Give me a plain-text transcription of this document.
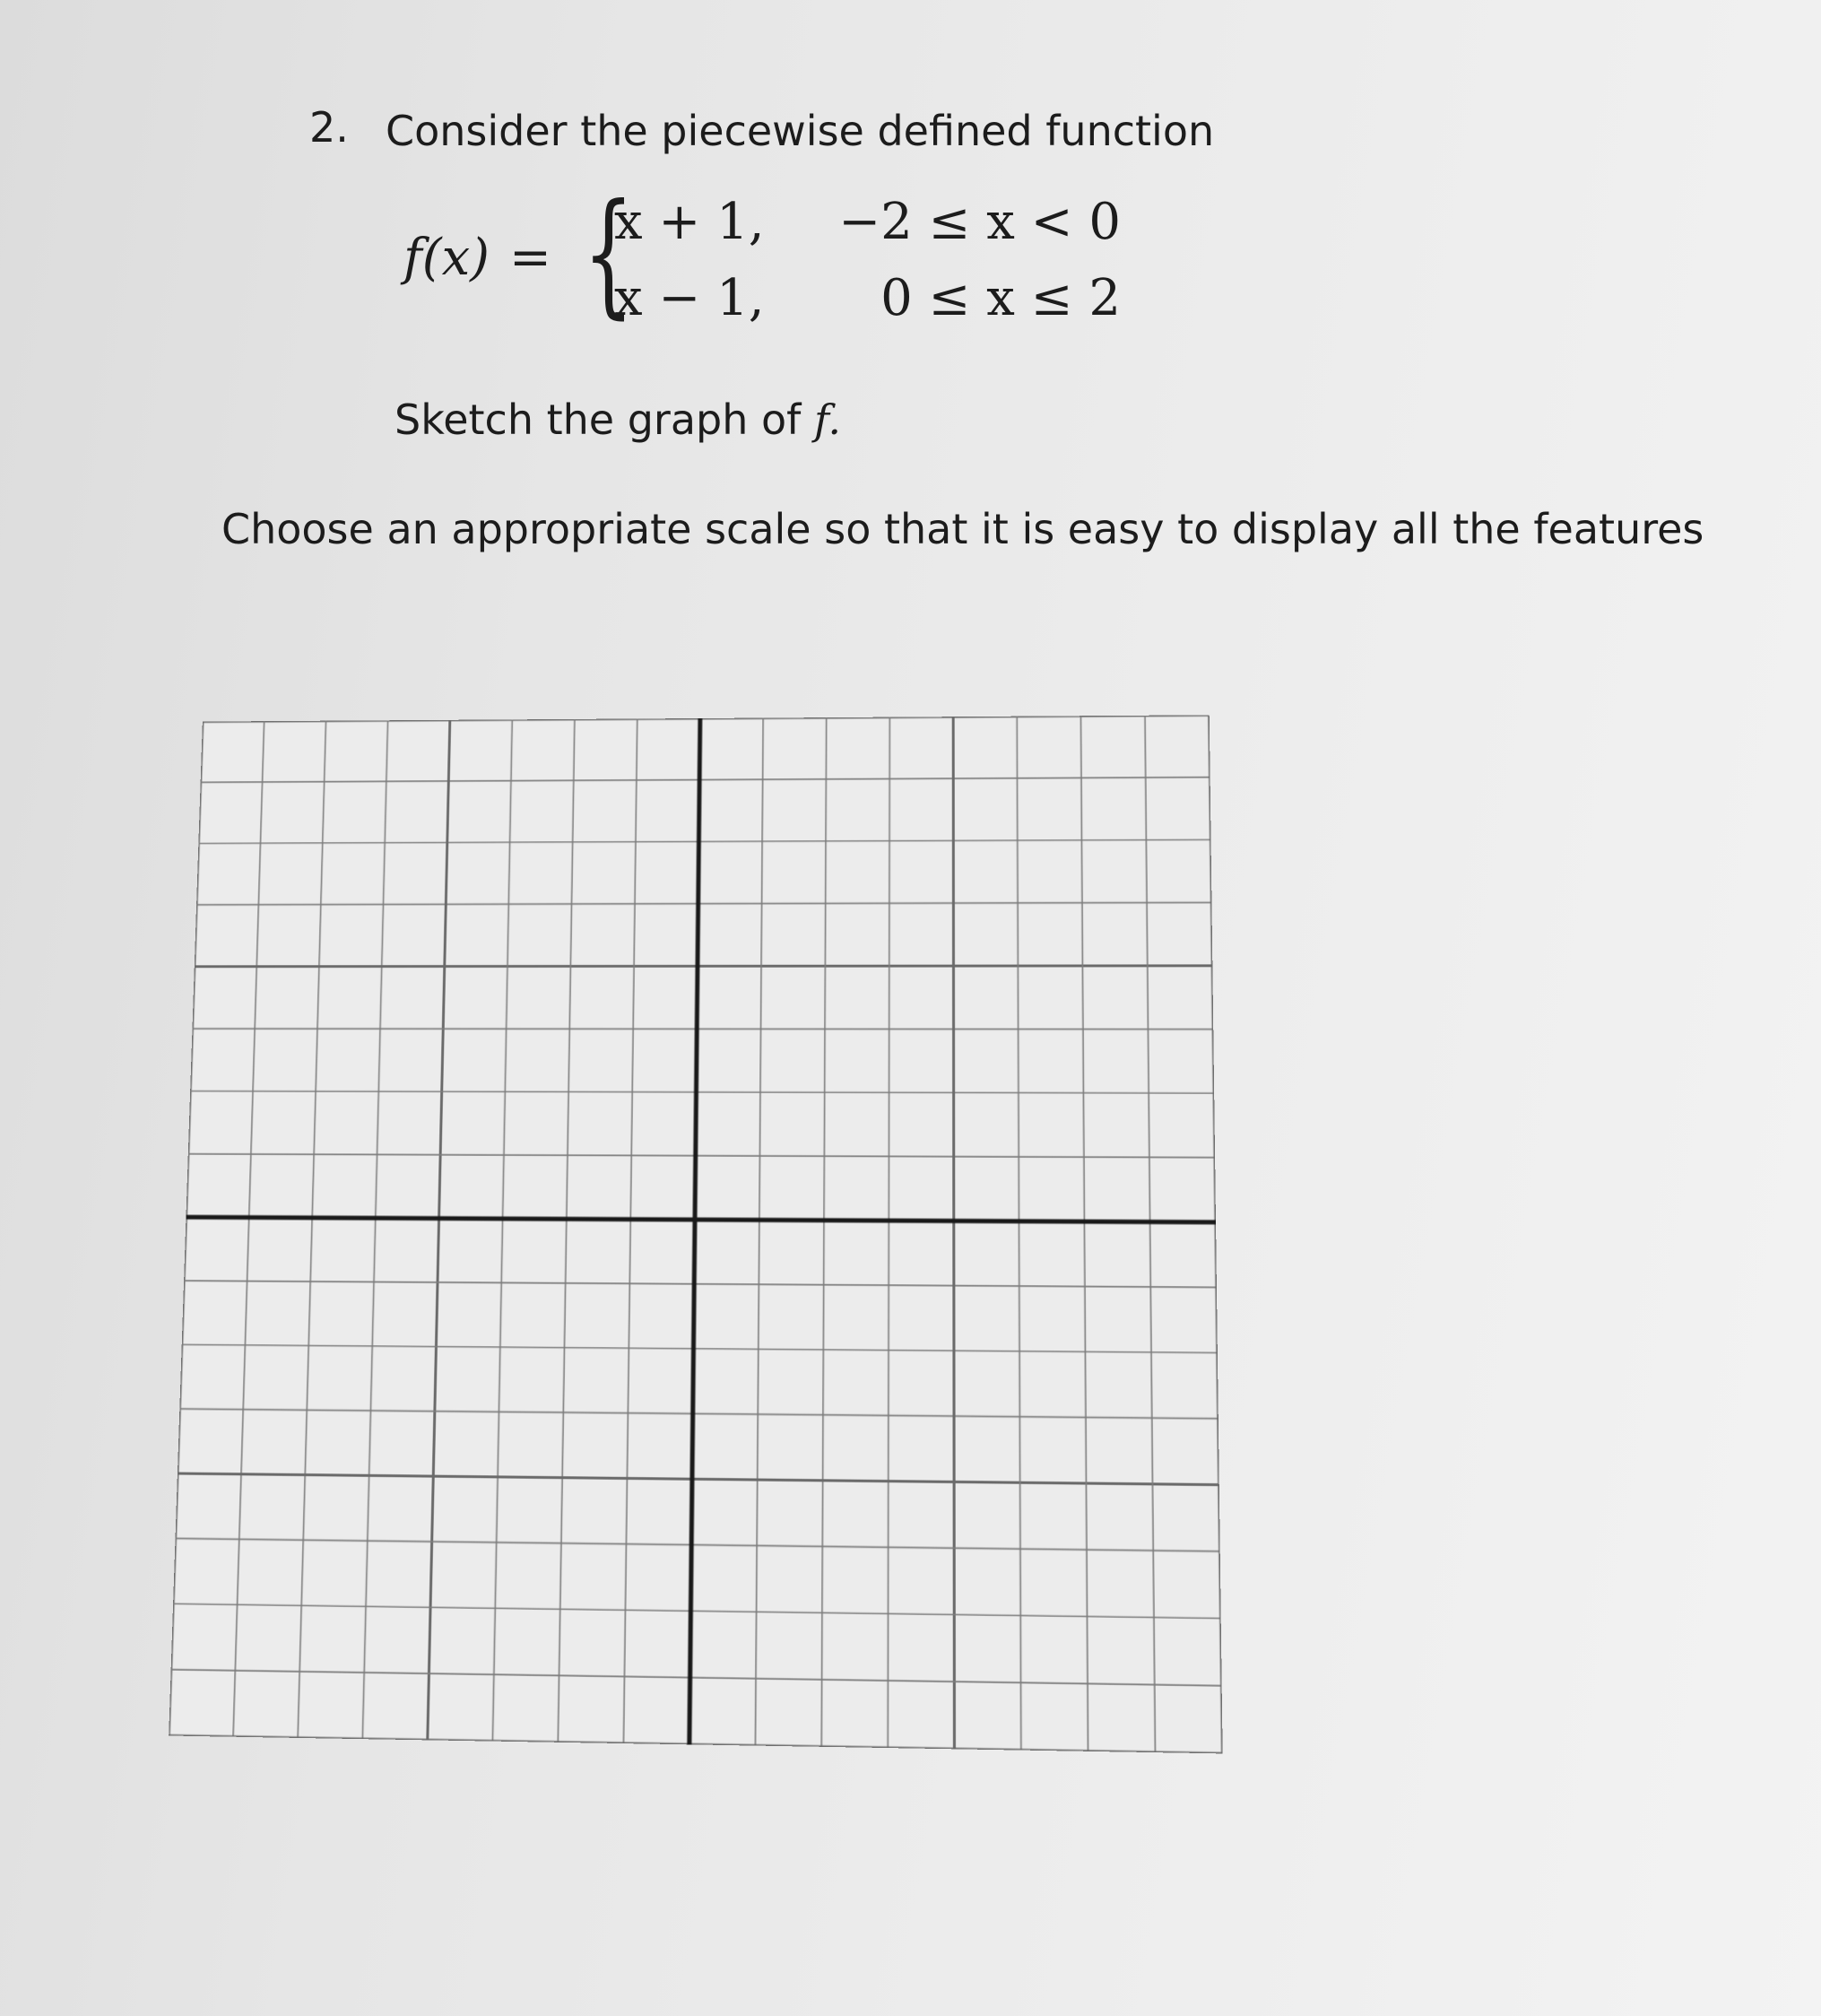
2. Consider the piecewise defined function
f(x) = {
x + 1, −2 ≤ x < 0
x − 1, 0 ≤ x ≤ 2
Sketch the graph of f.
Choose an appropriate scale so that it is easy to display all the features
